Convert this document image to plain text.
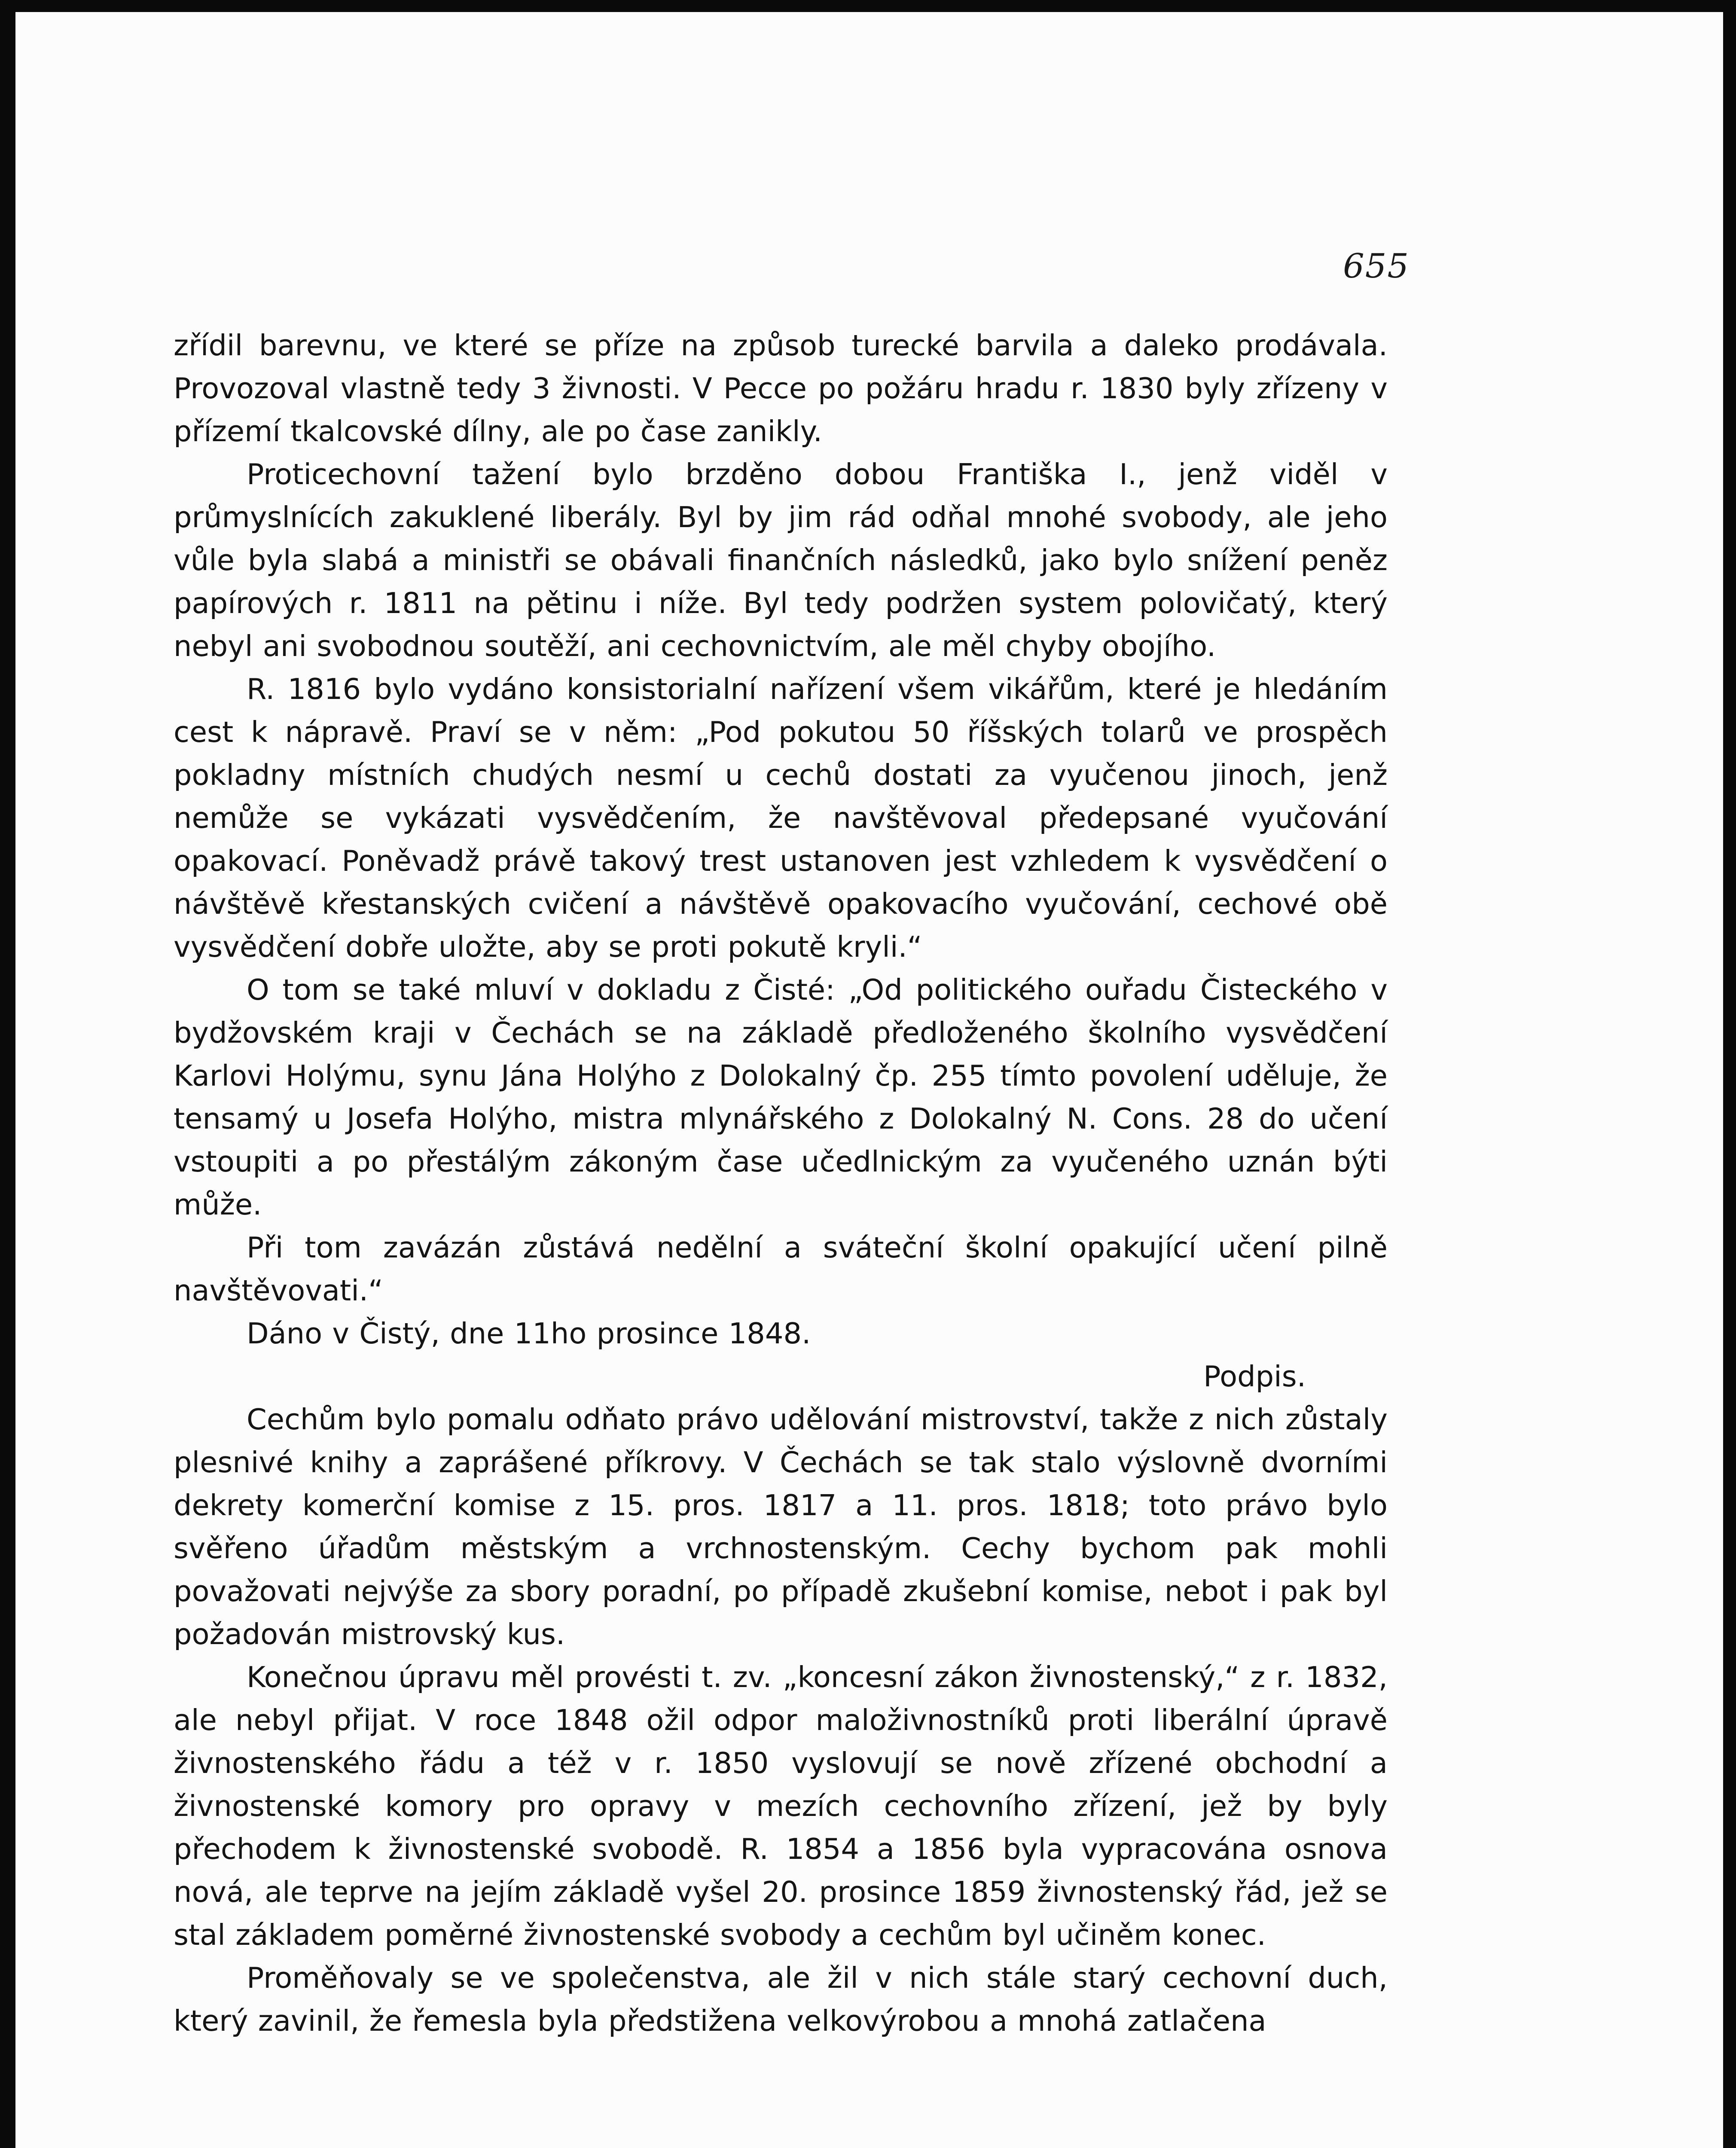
655

zřídil barevnu, ve které se příze na způsob turecké barvila a daleko prodávala. Provozoval vlastně tedy 3 živnosti. V Pecce po požáru hradu r. 1830 byly zřízeny v přízemí tkalcovské dílny, ale po čase zanikly.

Proticechovní tažení bylo brzděno dobou Františka I., jenž viděl v průmyslnících zakuklené liberály. Byl by jim rád odňal mnohé svobody, ale jeho vůle byla slabá a ministři se obávali finančních následků, jako bylo snížení peněz papírových r. 1811 na pětinu i níže. Byl tedy podržen system polovičatý, který nebyl ani svobodnou soutěží, ani cechovnictvím, ale měl chyby obojího.

R. 1816 bylo vydáno konsistorialní nařízení všem vikářům, které je hledáním cest k nápravě. Praví se v něm: „Pod pokutou 50 říšských tolarů ve prospěch pokladny místních chudých nesmí u cechů dostati za vyučenou jinoch, jenž nemůže se vykázati vysvědčením, že navštěvoval předepsané vyučování opakovací. Poněvadž právě takový trest ustanoven jest vzhledem k vysvědčení o návštěvě křestanských cvičení a návštěvě opakovacího vyučování, cechové obě vysvědčení dobře uložte, aby se proti pokutě kryli.“

O tom se také mluví v dokladu z Čisté: „Od politického ouřadu Čisteckého v bydžovském kraji v Čechách se na základě předloženého školního vysvědčení Karlovi Holýmu, synu Jána Holýho z Dolokalný čp. 255 tímto povolení uděluje, že tensamý u Josefa Holýho, mistra mlynářského z Dolokalný N. Cons. 28 do učení vstoupiti a po přestálým zákoným čase učedlnickým za vyučeného uznán býti může.

Při tom zavázán zůstává nedělní a sváteční školní opakující učení pilně navštěvovati.“

Dáno v Čistý, dne 11ho prosince 1848.

Podpis.

Cechům bylo pomalu odňato právo udělování mistrovství, takže z nich zůstaly plesnivé knihy a zaprášené příkrovy. V Čechách se tak stalo výslovně dvorními dekrety komerční komise z 15. pros. 1817 a 11. pros. 1818; toto právo bylo svěřeno úřadům městským a vrchnostenským. Cechy bychom pak mohli považovati nejvýše za sbory poradní, po případě zkušební komise, nebot i pak byl požadován mistrovský kus.

Konečnou úpravu měl provésti t. zv. „koncesní zákon živnostenský,“ z r. 1832, ale nebyl přijat. V roce 1848 ožil odpor maloživnostníků proti liberální úpravě živnostenského řádu a též v r. 1850 vyslovují se nově zřízené obchodní a živnostenské komory pro opravy v mezích cechovního zřízení, jež by byly přechodem k živnostenské svobodě. R. 1854 a 1856 byla vypracována osnova nová, ale teprve na jejím základě vyšel 20. prosince 1859 živnostenský řád, jež se stal základem poměrné živnostenské svobody a cechům byl učiněm konec.

Proměňovaly se ve společenstva, ale žil v nich stále starý cechovní duch, který zavinil, že řemesla byla předstižena velkovýrobou a mnohá zatlačena
